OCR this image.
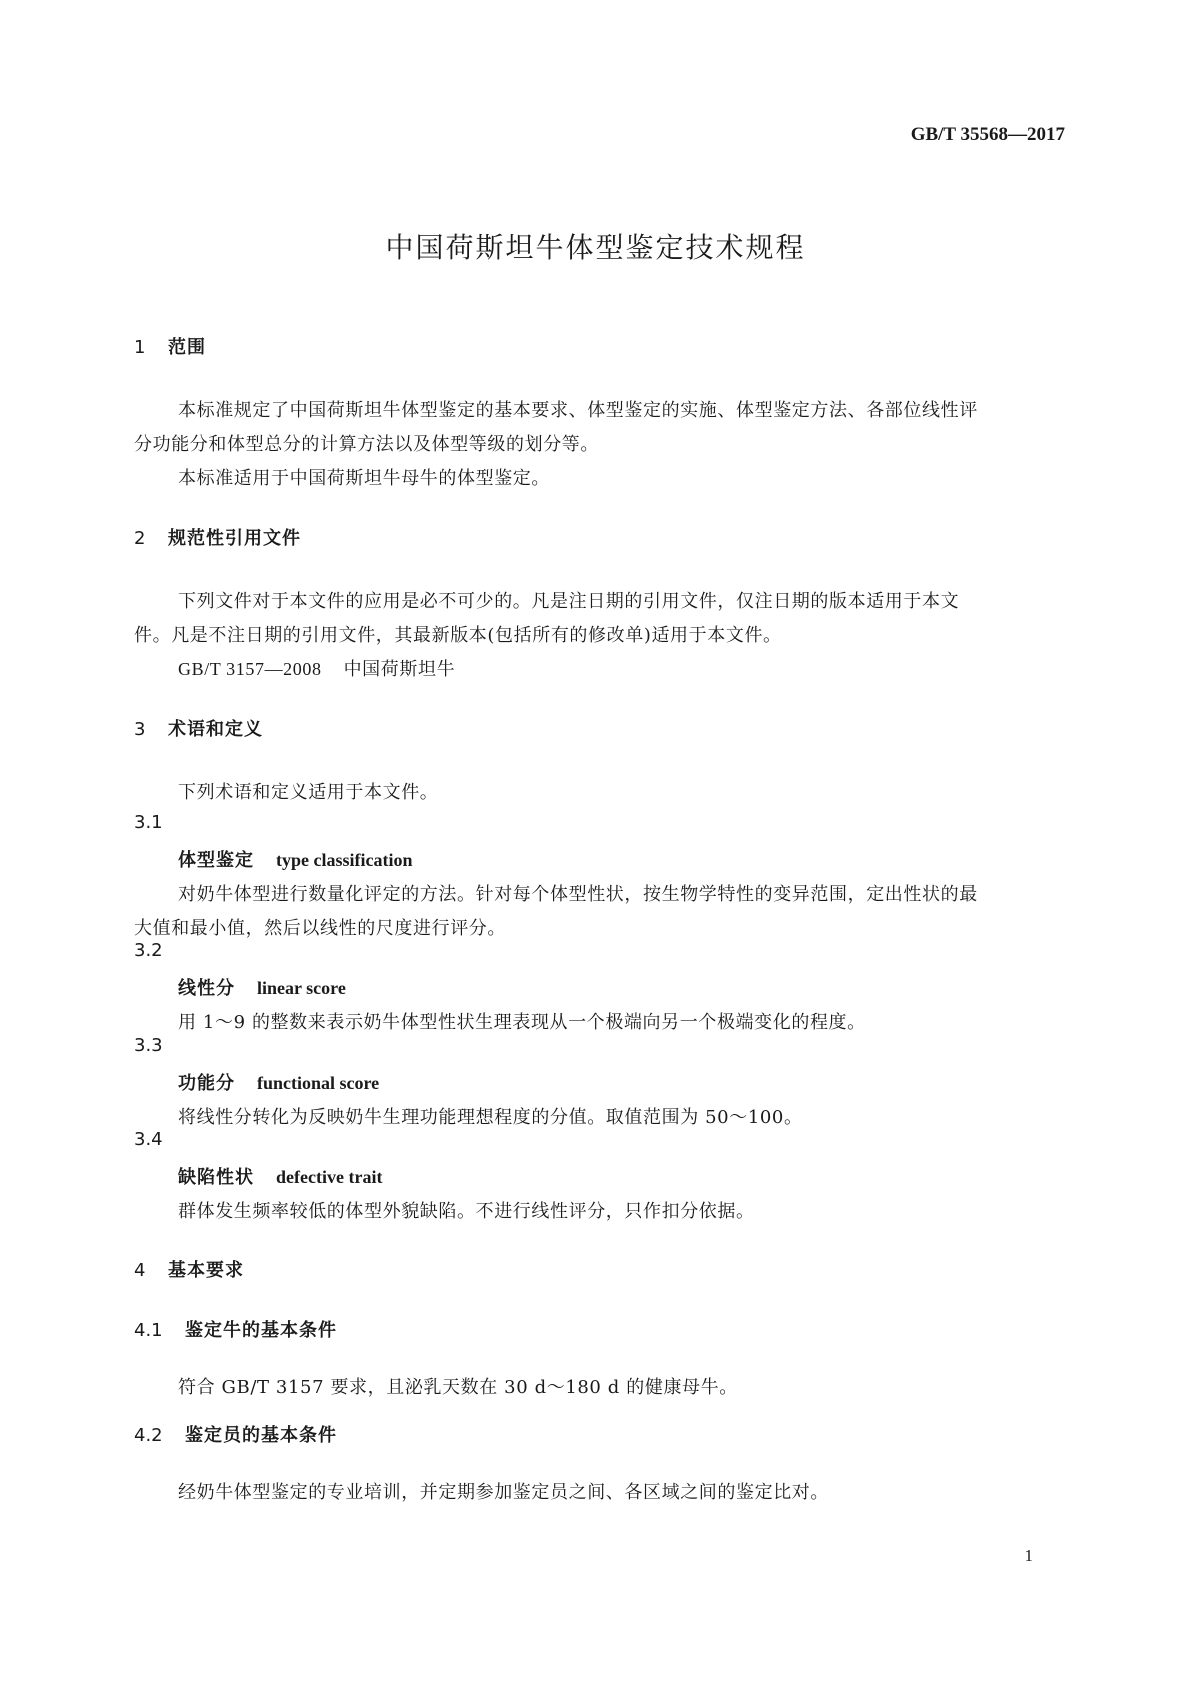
GB/T 35568—2017
中国荷斯坦牛体型鉴定技术规程
1 范围
本标准规定了中国荷斯坦牛体型鉴定的基本要求、体型鉴定的实施、体型鉴定方法、各部位线性评
分功能分和体型总分的计算方法以及体型等级的划分等。
本标准适用于中国荷斯坦牛母牛的体型鉴定。
2 规范性引用文件
下列文件对于本文件的应用是必不可少的。凡是注日期的引用文件，仅注日期的版本适用于本文
件。凡是不注日期的引用文件，其最新版本(包括所有的修改单)适用于本文件。
GB/T 3157—2008 中国荷斯坦牛
3 术语和定义
下列术语和定义适用于本文件。
3.1
体型鉴定 type classification
对奶牛体型进行数量化评定的方法。针对每个体型性状，按生物学特性的变异范围，定出性状的最
大值和最小值，然后以线性的尺度进行评分。
3.2
线性分 linear score
用 1～9 的整数来表示奶牛体型性状生理表现从一个极端向另一个极端变化的程度。
3.3
功能分 functional score
将线性分转化为反映奶牛生理功能理想程度的分值。取值范围为 50～100。
3.4
缺陷性状 defective trait
群体发生频率较低的体型外貌缺陷。不进行线性评分，只作扣分依据。
4 基本要求
4.1 鉴定牛的基本条件
符合 GB/T 3157 要求，且泌乳天数在 30 d～180 d 的健康母牛。
4.2 鉴定员的基本条件
经奶牛体型鉴定的专业培训，并定期参加鉴定员之间、各区域之间的鉴定比对。
1
